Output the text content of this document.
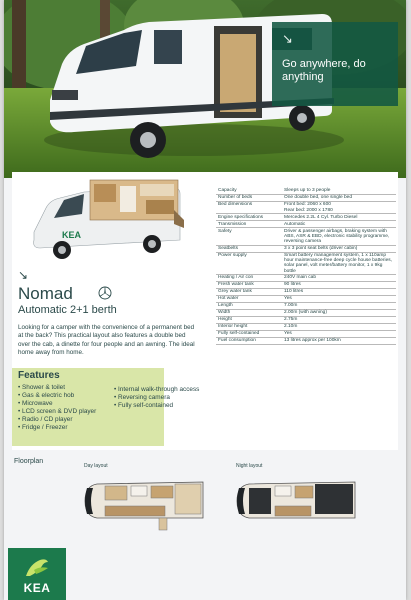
↘
Go anywhere, do anything
KEA
↘
Nomad
Automatic 2+1 berth
Looking for a camper with the convenience of a permanent bed at the back? This practical layout also features a double bed over the cab, a dinette for four people and an awning. The ideal home away from home.
Capacity	Sleeps up to 3 people
Number of beds	One double bed, one single bed
Bed dimensions	Front bed: 2060 x 600
Rear bed: 2000 x 1780
Engine specifications	Mercedes 2.2L 4 Cyl. Turbo Diesel
Transmission	Automatic
Safety	Driver & passenger airbags, braking system with ABS, ASR & EBD, electronic stability programme, reversing camera
Seatbelts	3 x 3 point seat belts (driver cabin)
Power supply	Smart battery management system, 1 x 110amp hour maintenance-free deep cycle house batteries, solar panel, volt meter/battery monitor, 1 x 9kg bottle
Heating / Air con	240V main cab
Fresh water tank	90 litres
Grey water tank	110 litres
Hot water	Yes
Length	7.00m
Width	2.00m (with awning)
Height	2.75m
Interior height	2.10m
Fully self-contained	Yes
Fuel consumption	13 litres approx per 100km
Features
• Shower & toilet
• Gas & electric hob
• Microwave
• LCD screen & DVD player
• Radio / CD player
• Fridge / Freezer
• Internal walk-through access
• Reversing camera
• Fully self-contained
Floorplan
Day layout	Night layout
KEA
